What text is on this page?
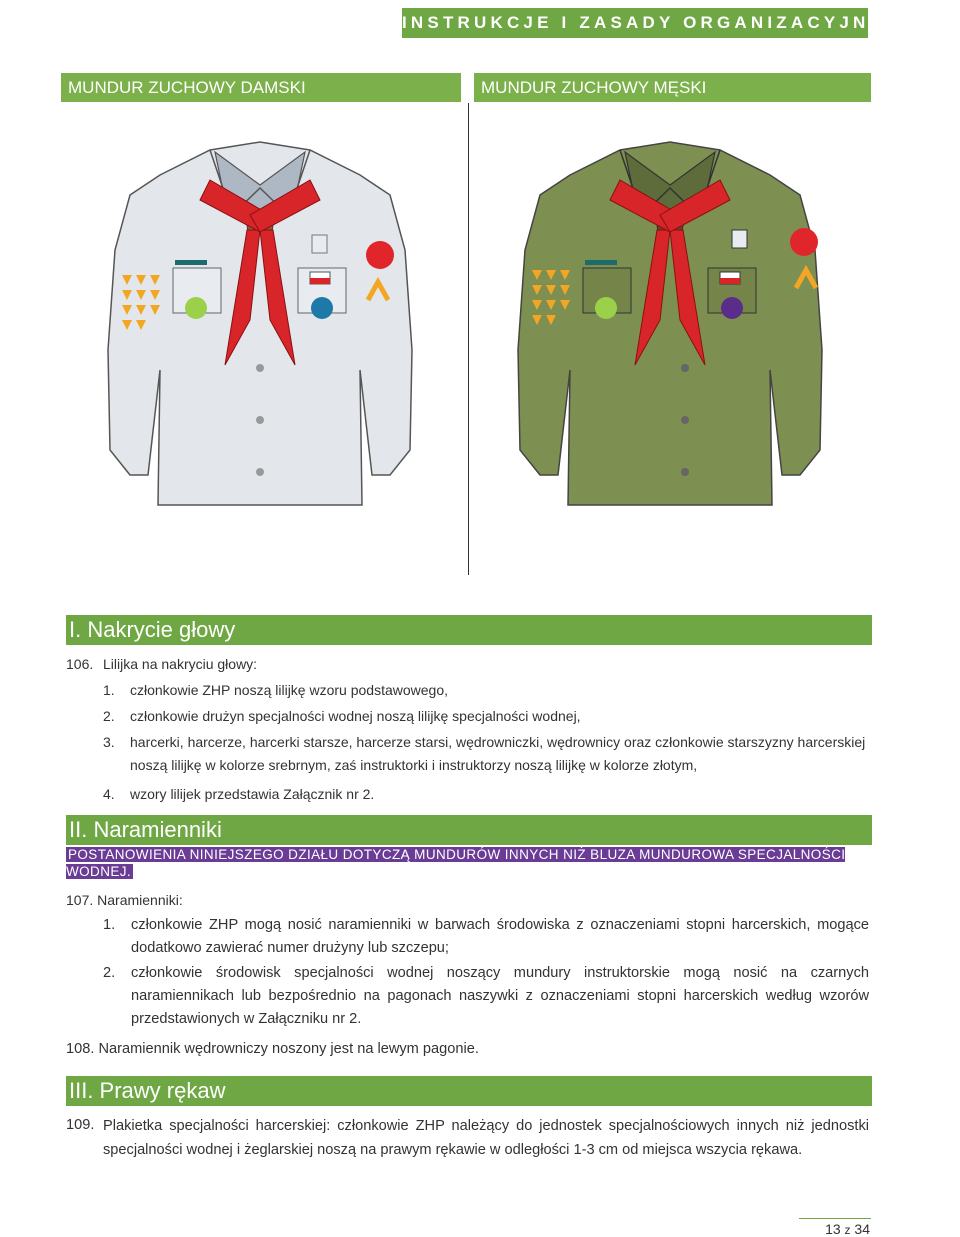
INSTRUKCJE I ZASADY ORGANIZACYJNE ZHP
MUNDUR ZUCHOWY DAMSKI	MUNDUR ZUCHOWY MĘSKI
I. Nakrycie głowy
106. Lilijka na nakryciu głowy:
1. członkowie ZHP noszą lilijkę wzoru podstawowego,
2. członkowie drużyn specjalności wodnej noszą lilijkę specjalności wodnej,
3. harcerki, harcerze, harcerki starsze, harcerze starsi, wędrowniczki, wędrownicy oraz członkowie starszyzny harcerskiej noszą lilijkę w kolorze srebrnym, zaś instruktorki i instruktorzy noszą lilijkę w kolorze złotym,
4. wzory lilijek przedstawia Załącznik nr 2.
II. Naramienniki
POSTANOWIENIA NINIEJSZEGO DZIAŁU DOTYCZĄ MUNDURÓW INNYCH NIŻ BLUZA MUNDUROWA SPECJALNOŚCI WODNEJ.
107. Naramienniki:
1. członkowie ZHP mogą nosić naramienniki w barwach środowiska z oznaczeniami stopni harcerskich, mogące dodatkowo zawierać numer drużyny lub szczepu;
2. członkowie środowisk specjalności wodnej noszący mundury instruktorskie mogą nosić na czarnych naramiennikach lub bezpośrednio na pagonach naszywki z oznaczeniami stopni harcerskich według wzorów przedstawionych w Załączniku nr 2.
108. Naramiennik wędrowniczy noszony jest na lewym pagonie.
III. Prawy rękaw
109. Plakietka specjalności harcerskiej: członkowie ZHP należący do jednostek specjalnościowych innych niż jednostki specjalności wodnej i żeglarskiej noszą na prawym rękawie w odległości 1-3 cm od miejsca wszycia rękawa.
13 z 34
